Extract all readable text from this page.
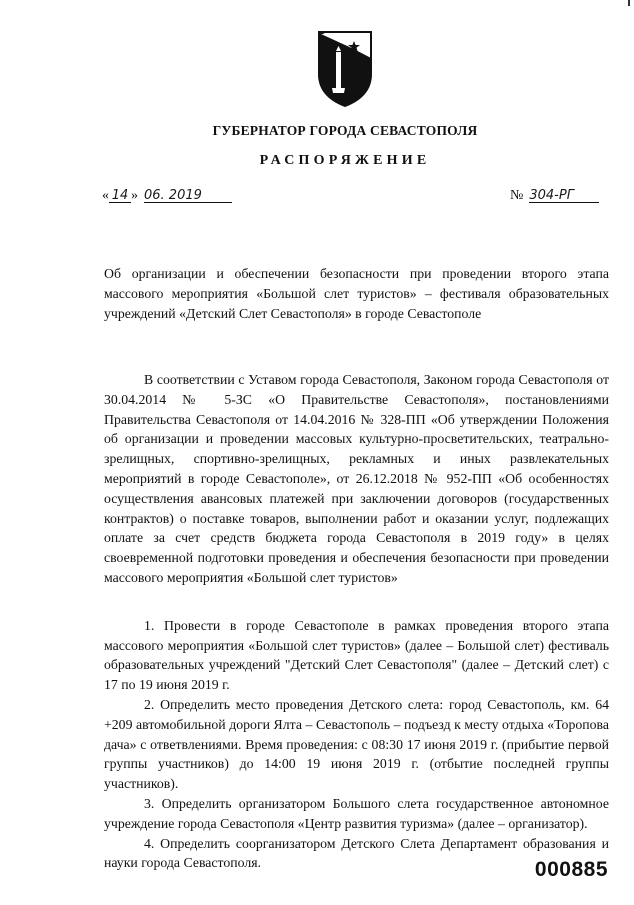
ГУБЕРНАТОР ГОРОДА СЕВАСТОПОЛЯ
РАСПОРЯЖЕНИЕ
« 14 » 06. 2019	№ 304-РГ
Об организации и обеспечении безопасности при проведении второго этапа массового мероприятия «Большой слет туристов» – фестиваля образовательных учреждений «Детский Слет Севастополя» в городе Севастополе

В соответствии с Уставом города Севастополя, Законом города Севастополя от 30.04.2014 № 5-ЗС «О Правительстве Севастополя», постановлениями Правительства Севастополя от 14.04.2016 № 328-ПП «Об утверждении Положения об организации и проведении массовых культурно-просветительских, театрально-зрелищных, спортивно-зрелищных, рекламных и иных развлекательных мероприятий в городе Севастополе», от 26.12.2018 № 952-ПП «Об особенностях осуществления авансовых платежей при заключении договоров (государственных контрактов) о поставке товаров, выполнении работ и оказании услуг, подлежащих оплате за счет средств бюджета города Севастополя в 2019 году» в целях своевременной подготовки проведения и обеспечения безопасности при проведении массового мероприятия «Большой слет туристов»

1. Провести в городе Севастополе в рамках проведения второго этапа массового мероприятия «Большой слет туристов» (далее – Большой слет) фестиваль образовательных учреждений "Детский Слет Севастополя" (далее – Детский слет) с 17 по 19 июня 2019 г.

2. Определить место проведения Детского слета: город Севастополь, км. 64 +209 автомобильной дороги Ялта – Севастополь – подъезд к месту отдыха «Торопова дача» с ответвлениями. Время проведения: с 08:30 17 июня 2019 г. (прибытие первой группы участников) до 14:00 19 июня 2019 г. (отбытие последней группы участников).

3. Определить организатором Большого слета государственное автономное учреждение города Севастополя «Центр развития туризма» (далее – организатор).

4. Определить соорганизатором Детского Слета Департамент образования и науки города Севастополя.	000885
